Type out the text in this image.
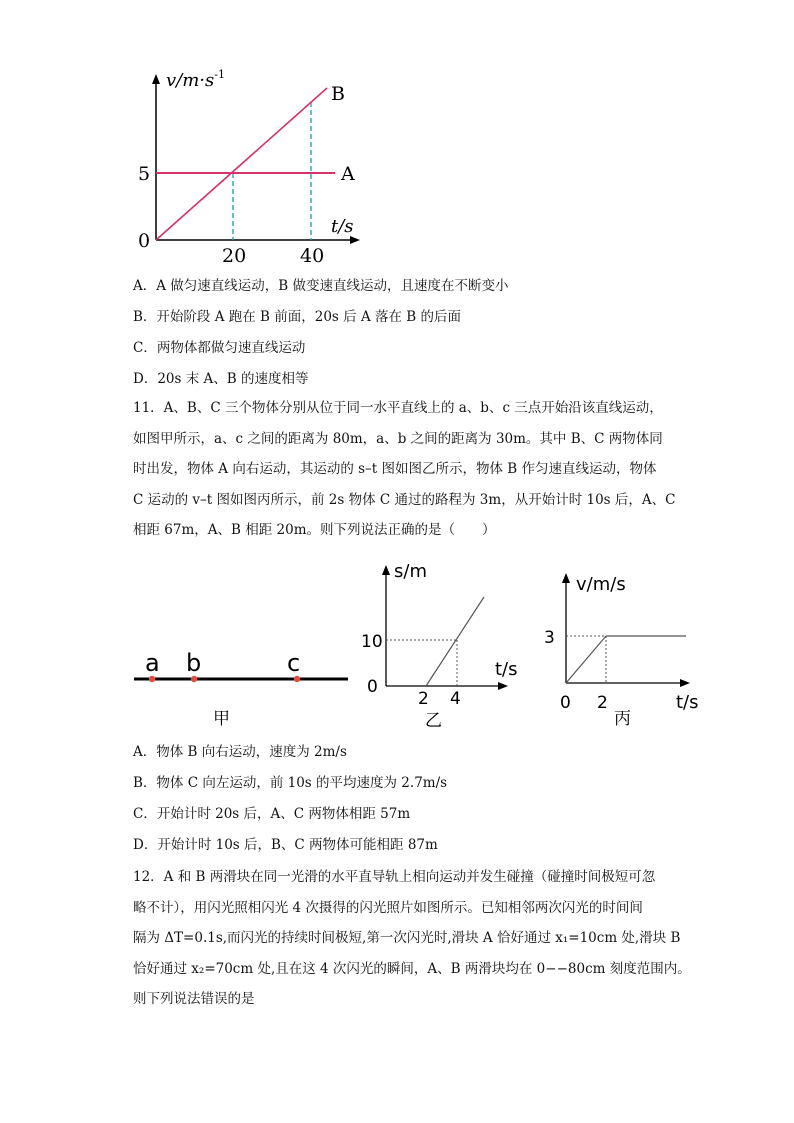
$v/m\cdot s^{-1}$
B
A
5
0
20	40
t/s
A．A 做匀速直线运动，B 做变速直线运动，且速度在不断变小
B．开始阶段 A 跑在 B 前面，20s 后 A 落在 B 的后面
C．两物体都做匀速直线运动
D．20s 末 A、B 的速度相等

11．A、B、C 三个物体分别从位于同一水平直线上的 a、b、c 三点开始沿该直线运动，

如图甲所示，a、c 之间的距离为 80m，a、b 之间的距离为 30m。其中 B、C 两物体同

时出发，物体 A 向右运动，其运动的 s–t 图如图乙所示，物体 B 作匀速直线运动，物体

C 运动的 v–t 图如图丙所示，前 2s 物体 C 通过的路程为 3m，从开始计时 10s 后，A、C

相距 67m，A、B 相距 20m。则下列说法正确的是（　　）

a b	c
甲
s/m
10
0
2 4
t/s
乙
v/m/s
3
0 2	t/s
丙
A．物体 B 向右运动，速度为 2m/s
B．物体 C 向左运动，前 10s 的平均速度为 2.7m/s
C．开始计时 20s 后，A、C 两物体相距 57m
D．开始计时 10s 后，B、C 两物体可能相距 87m

12．A 和 B 两滑块在同一光滑的水平直导轨上相向运动并发生碰撞（碰撞时间极短可忽

略不计），用闪光照相闪光 4 次摄得的闪光照片如图所示。已知相邻两次闪光的时间间

隔为 ΔT=0.1s,而闪光的持续时间极短,第一次闪光时,滑块 A 恰好通过 x₁=10cm 处,滑块 B

恰好通过 x₂=70cm 处,且在这 4 次闪光的瞬间，A、B 两滑块均在 0−−80cm 刻度范围内。

则下列说法错误的是
